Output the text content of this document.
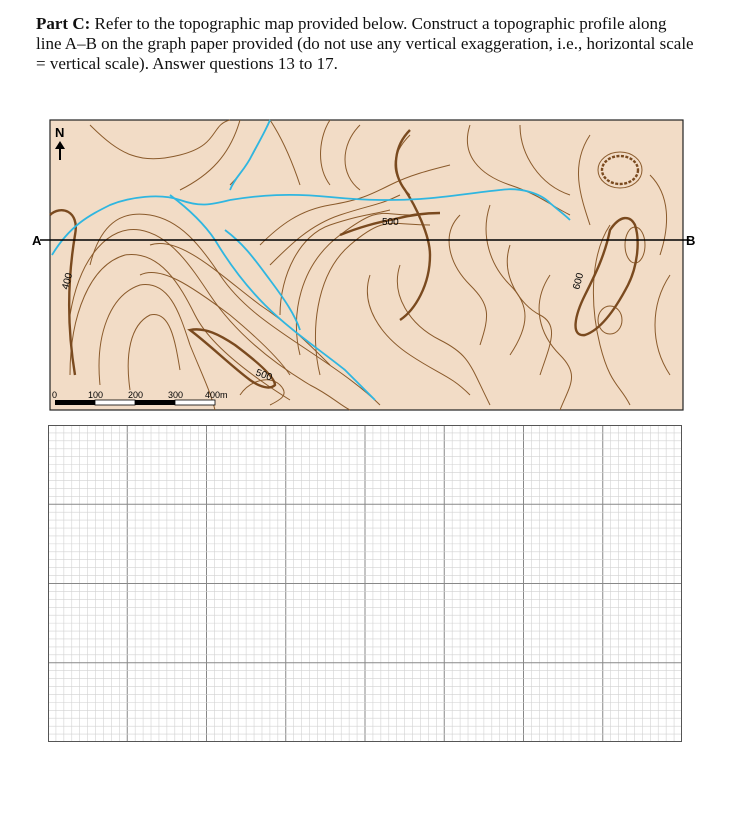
Part C: Refer to the topographic map provided below. Construct a topographic profile along line A–B on the graph paper provided (do not use any vertical exaggeration, i.e., horizontal scale = vertical scale). Answer questions 13 to 17.
A	B
N
400
500
500
600
0	100	200	300 400m
